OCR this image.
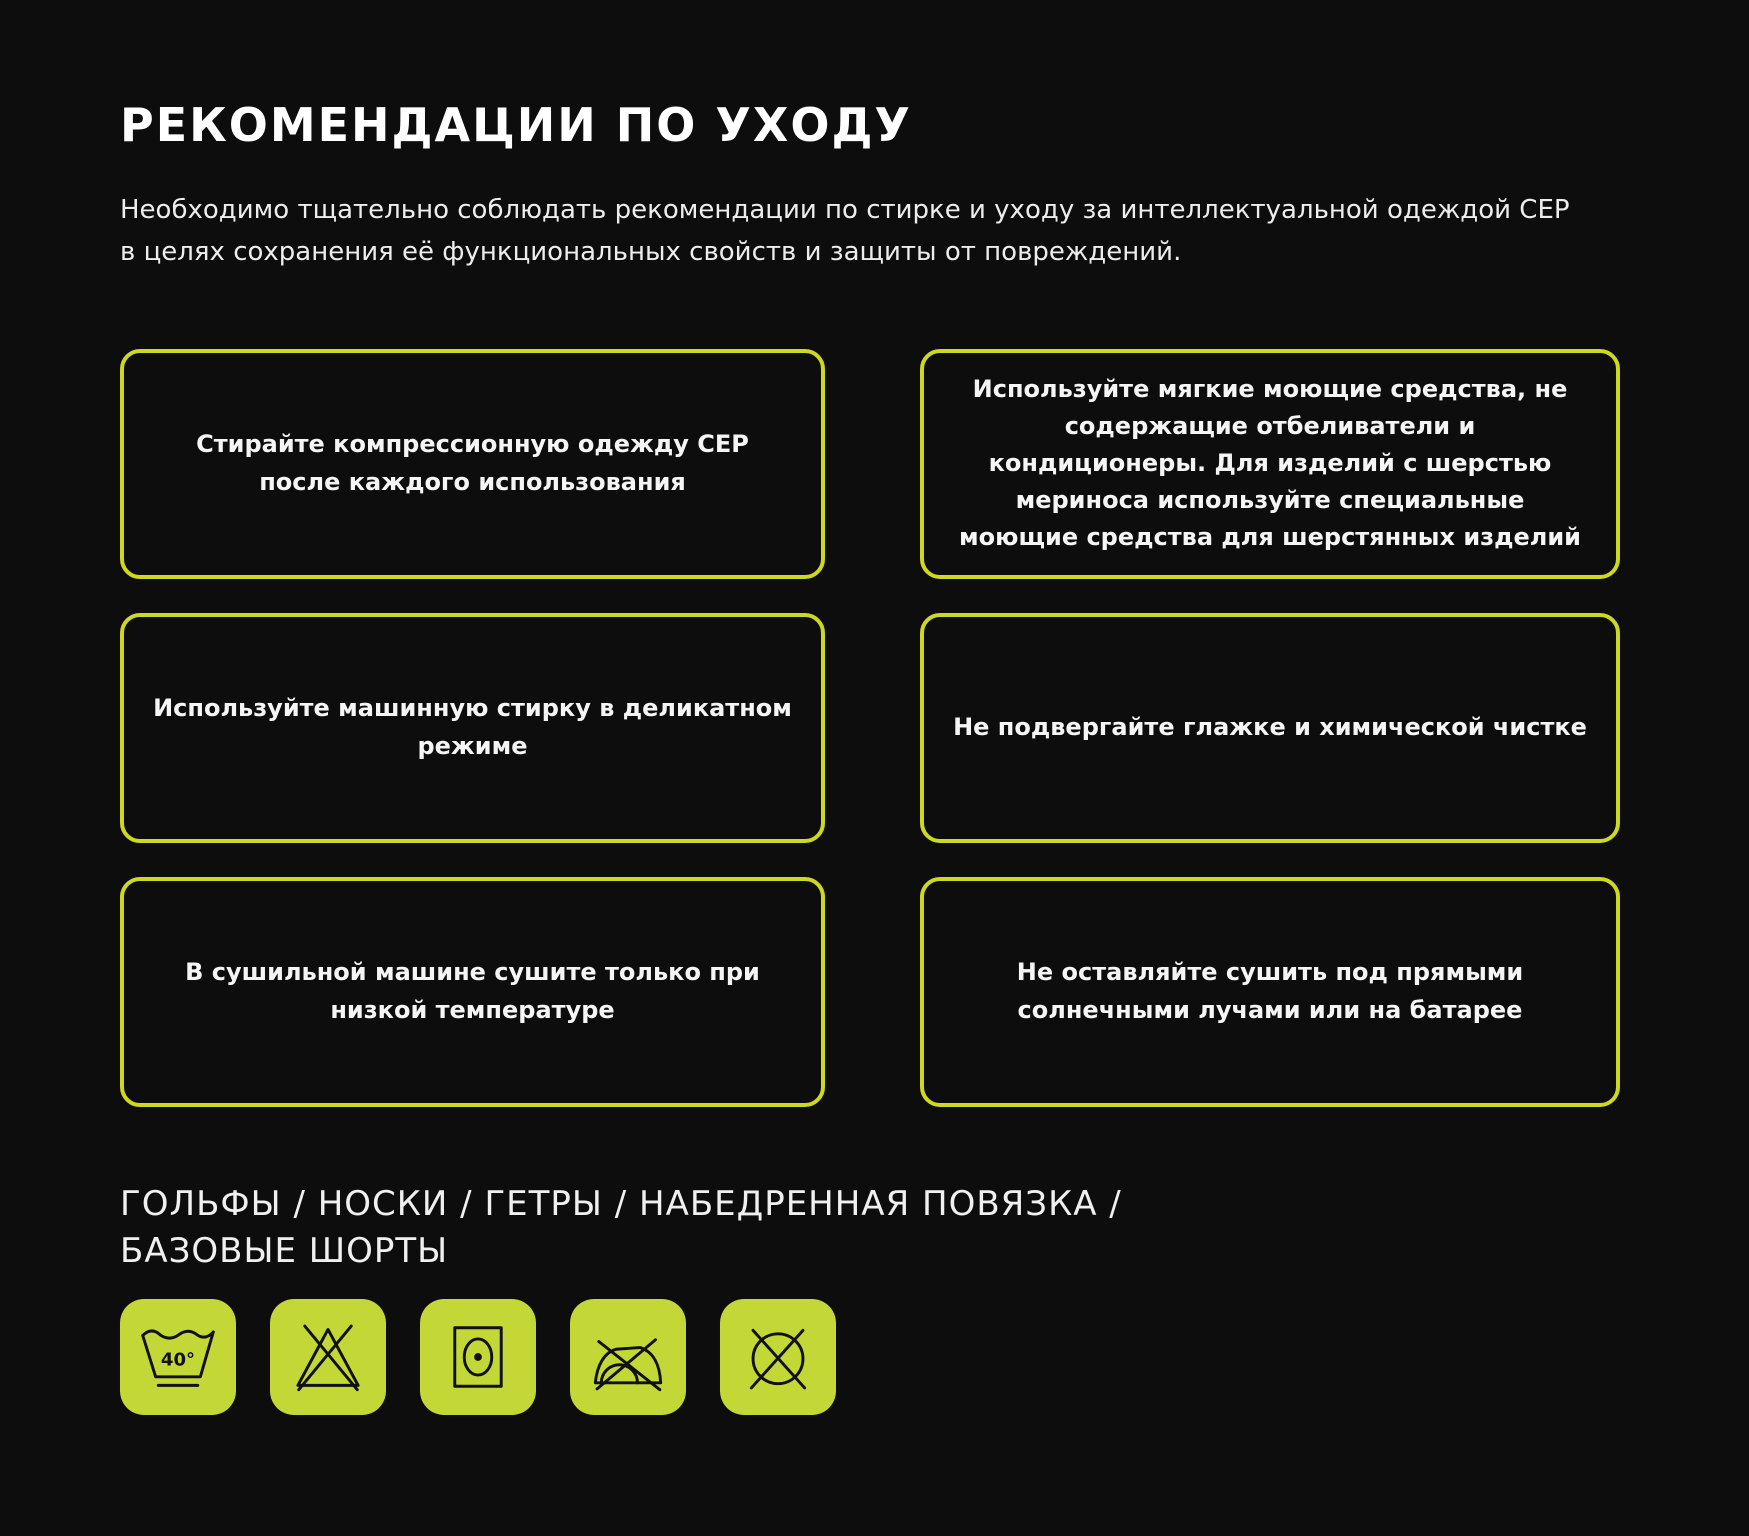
РЕКОМЕНДАЦИИ ПО УХОДУ
Необходимо тщательно соблюдать рекомендации по стирке и уходу за интеллектуальной одеждой CEP
в целях сохранения её функциональных свойств и защиты от повреждений.
Стирайте компрессионную одежду CEP после каждого использования
Используйте мягкие моющие средства, не содержащие отбеливатели и кондиционеры. Для изделий с шерстью мериноса используйте специальные моющие средства для шерстянных изделий
Используйте машинную стирку в деликатном режиме
Не подвергайте глажке и химической чистке
В сушильной машине сушите только при низкой температуре
Не оставляйте сушить под прямыми солнечными лучами или на батарее
ГОЛЬФЫ / НОСКИ / ГЕТРЫ / НАБЕДРЕННАЯ ПОВЯЗКА /
БАЗОВЫЕ ШОРТЫ
40°
